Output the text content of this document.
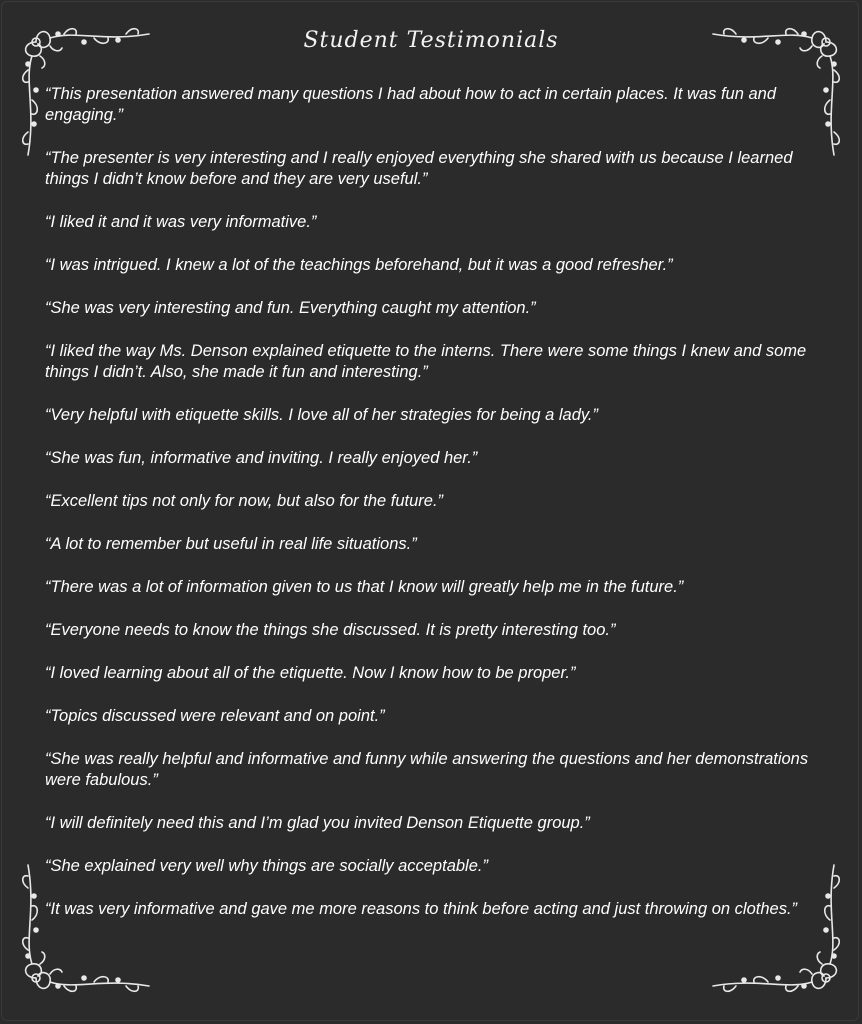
Student Testimonials
“This presentation answered many questions I had about how to act in certain places. It was fun and engaging.”
“The presenter is very interesting and I really enjoyed everything she shared with us because I learned things I didn’t know before and they are very useful.”
“I liked it and it was very informative.”
“I was intrigued. I knew a lot of the teachings beforehand, but it was a good refresher.”
“She was very interesting and fun. Everything caught my attention.”
“I liked the way Ms. Denson explained etiquette to the interns. There were some things I knew and some things I didn’t. Also, she made it fun and interesting.”
“Very helpful with etiquette skills. I love all of her strategies for being a lady.”
“She was fun, informative and inviting. I really enjoyed her.”
“Excellent tips not only for now, but also for the future.”
“A lot to remember but useful in real life situations.”
“There was a lot of information given to us that I know will greatly help me in the future.”
“Everyone needs to know the things she discussed. It is pretty interesting too.”
“I loved learning about all of the etiquette. Now I know how to be proper.”
“Topics discussed were relevant and on point.”
“She was really helpful and informative and funny while answering the questions and her demonstrations were fabulous.”
“I will definitely need this and I’m glad you invited Denson Etiquette group.”
“She explained very well why things are socially acceptable.”
“It was very informative and gave me more reasons to think before acting and just throwing on clothes.”
